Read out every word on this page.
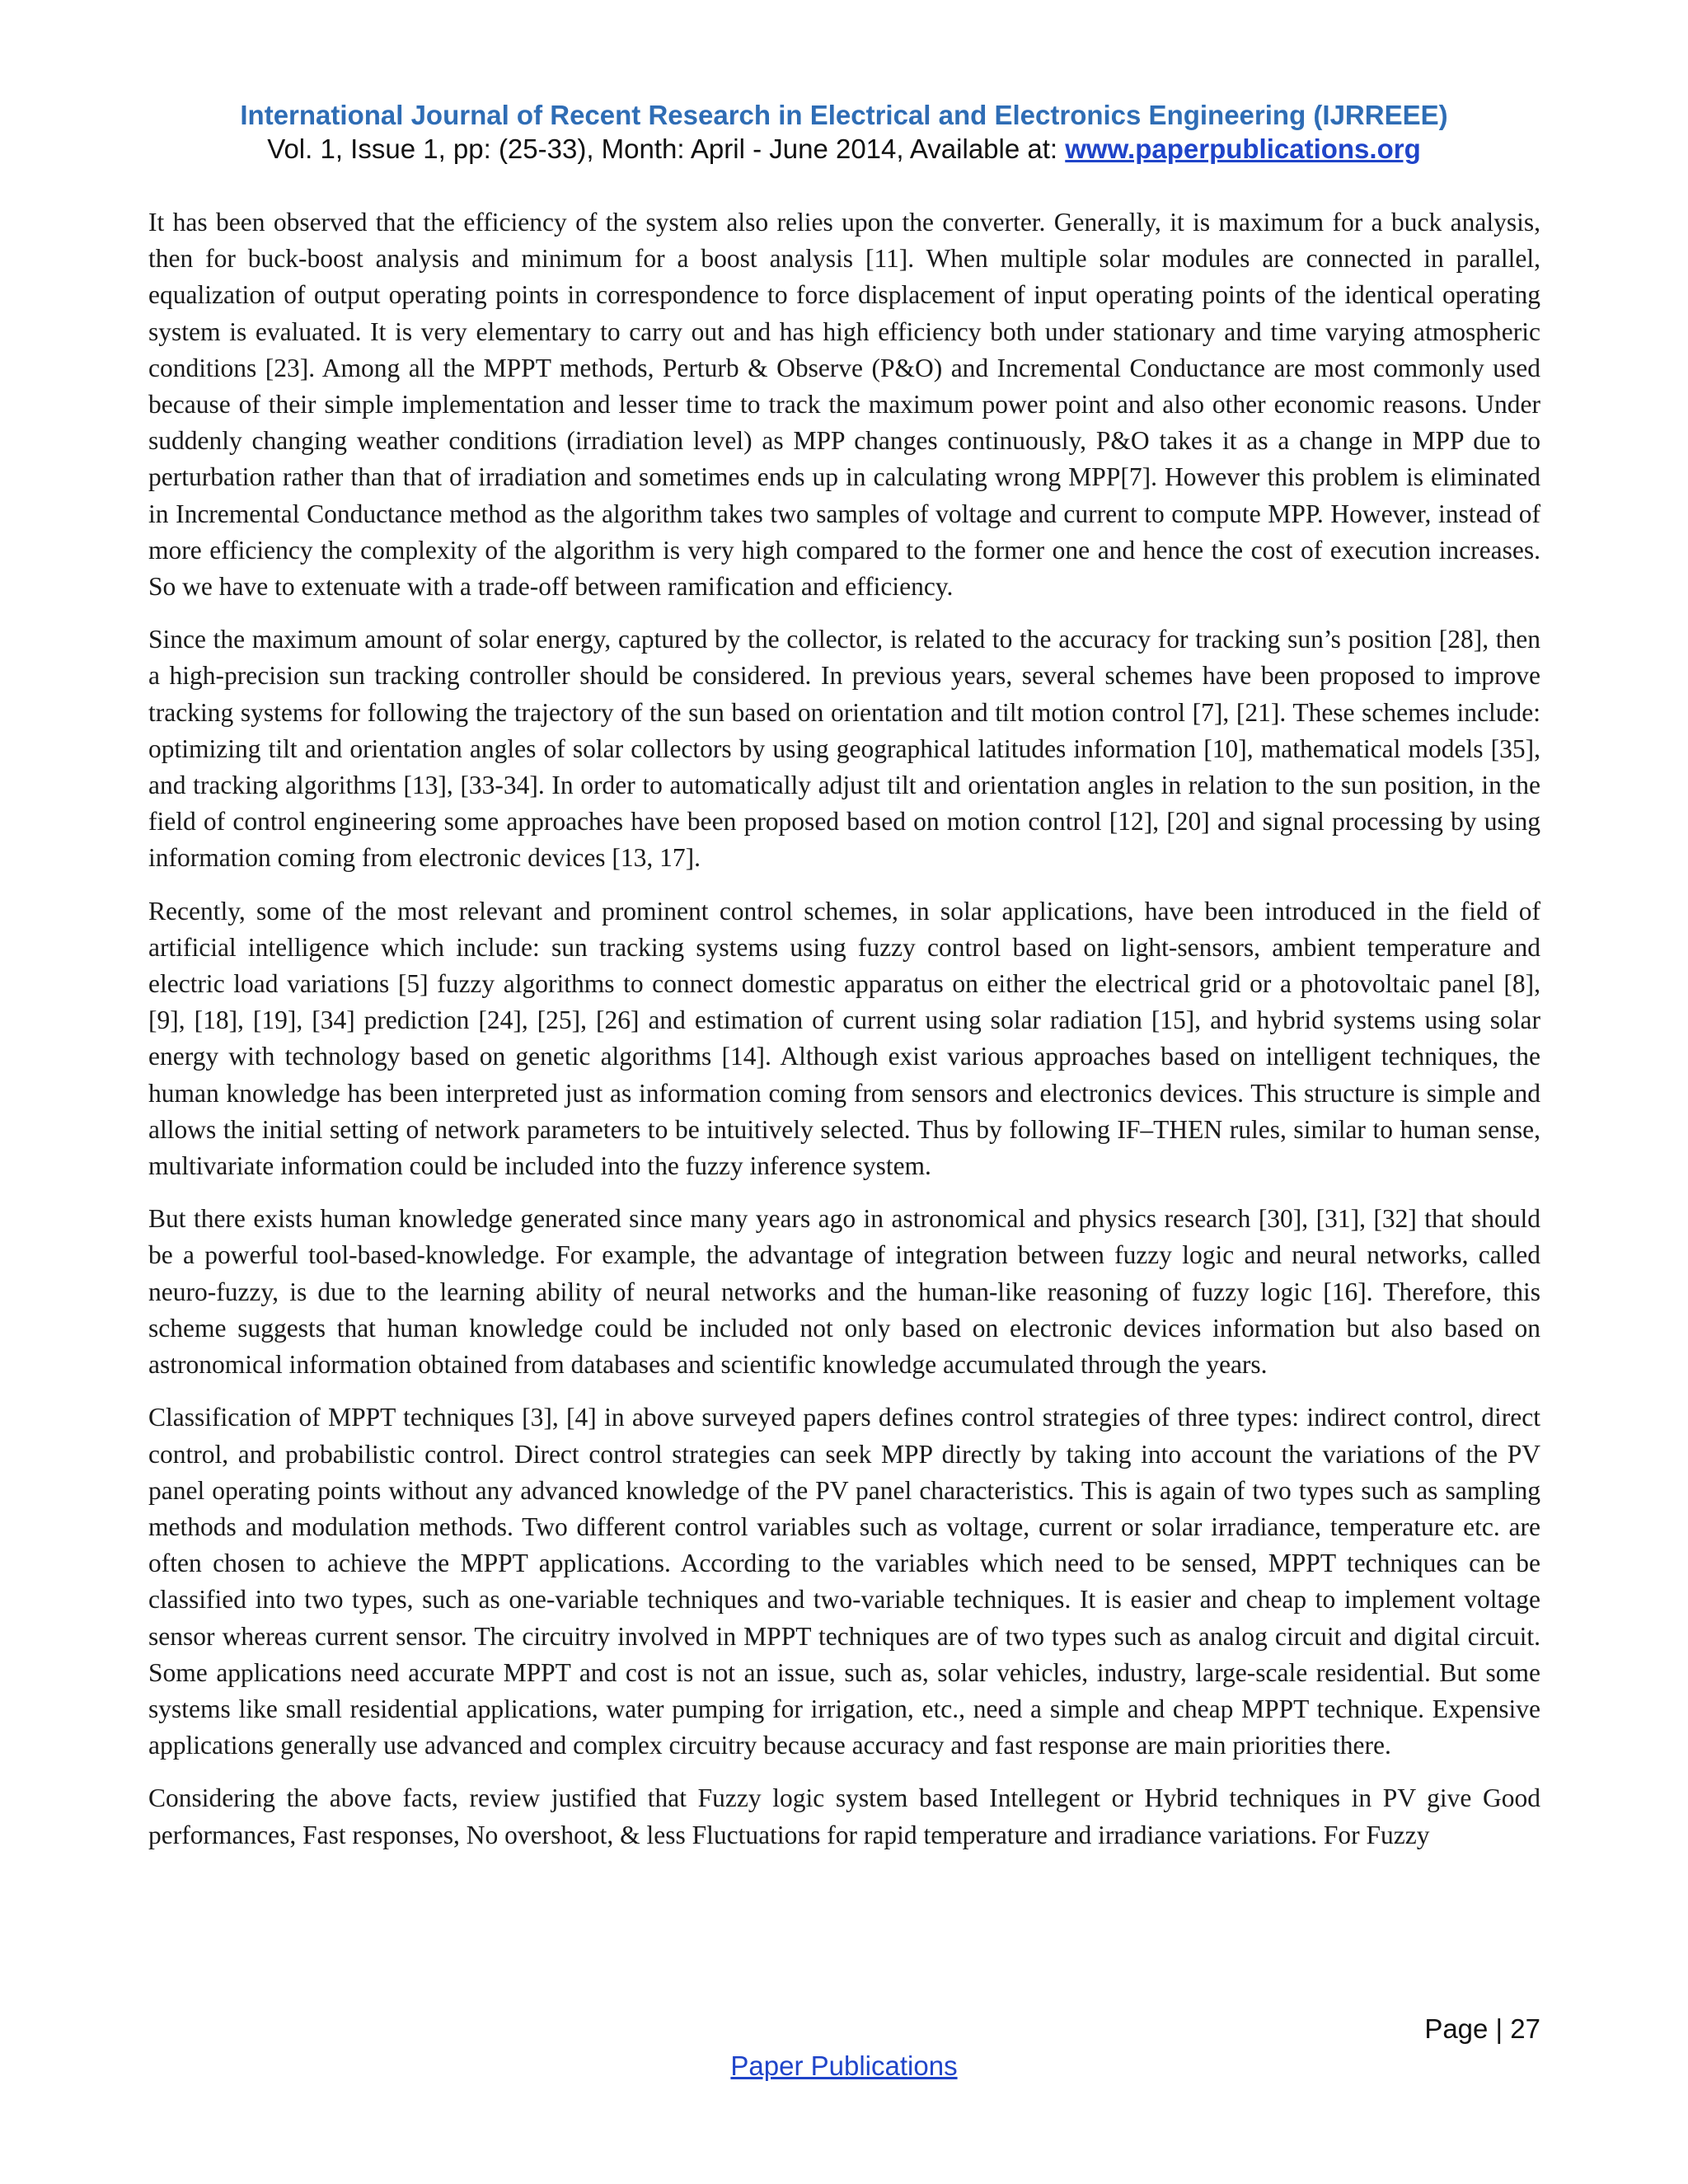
International Journal of Recent Research in Electrical and Electronics Engineering (IJRREEE)
Vol. 1, Issue 1, pp: (25-33), Month: April - June 2014, Available at: www.paperpublications.org

It has been observed that the efficiency of the system also relies upon the converter. Generally, it is maximum for a buck analysis, then for buck-boost analysis and minimum for a boost analysis [11]. When multiple solar modules are connected in parallel, equalization of output operating points in correspondence to force displacement of input operating points of the identical operating system is evaluated. It is very elementary to carry out and has high efficiency both under stationary and time varying atmospheric conditions [23]. Among all the MPPT methods, Perturb & Observe (P&O) and Incremental Conductance are most commonly used because of their simple implementation and lesser time to track the maximum power point and also other economic reasons. Under suddenly changing weather conditions (irradiation level) as MPP changes continuously, P&O takes it as a change in MPP due to perturbation rather than that of irradiation and sometimes ends up in calculating wrong MPP[7]. However this problem is eliminated in Incremental Conductance method as the algorithm takes two samples of voltage and current to compute MPP. However, instead of more efficiency the complexity of the algorithm is very high compared to the former one and hence the cost of execution increases. So we have to extenuate with a trade-off between ramification and efficiency.

Since the maximum amount of solar energy, captured by the collector, is related to the accuracy for tracking sun’s position [28], then a high-precision sun tracking controller should be considered. In previous years, several schemes have been proposed to improve tracking systems for following the trajectory of the sun based on orientation and tilt motion control [7], [21]. These schemes include: optimizing tilt and orientation angles of solar collectors by using geographical latitudes information [10], mathematical models [35], and tracking algorithms [13], [33-34]. In order to automatically adjust tilt and orientation angles in relation to the sun position, in the field of control engineering some approaches have been proposed based on motion control [12], [20] and signal processing by using information coming from electronic devices [13, 17].

Recently, some of the most relevant and prominent control schemes, in solar applications, have been introduced in the field of artificial intelligence which include: sun tracking systems using fuzzy control based on light-sensors, ambient temperature and electric load variations [5] fuzzy algorithms to connect domestic apparatus on either the electrical grid or a photovoltaic panel [8], [9], [18], [19], [34] prediction [24], [25], [26] and estimation of current using solar radiation [15], and hybrid systems using solar energy with technology based on genetic algorithms [14]. Although exist various approaches based on intelligent techniques, the human knowledge has been interpreted just as information coming from sensors and electronics devices. This structure is simple and allows the initial setting of network parameters to be intuitively selected. Thus by following IF–THEN rules, similar to human sense, multivariate information could be included into the fuzzy inference system.

But there exists human knowledge generated since many years ago in astronomical and physics research [30], [31], [32] that should be a powerful tool-based-knowledge. For example, the advantage of integration between fuzzy logic and neural networks, called neuro-fuzzy, is due to the learning ability of neural networks and the human-like reasoning of fuzzy logic [16]. Therefore, this scheme suggests that human knowledge could be included not only based on electronic devices information but also based on astronomical information obtained from databases and scientific knowledge accumulated through the years.

Classification of MPPT techniques [3], [4] in above surveyed papers defines control strategies of three types: indirect control, direct control, and probabilistic control. Direct control strategies can seek MPP directly by taking into account the variations of the PV panel operating points without any advanced knowledge of the PV panel characteristics. This is again of two types such as sampling methods and modulation methods. Two different control variables such as voltage, current or solar irradiance, temperature etc. are often chosen to achieve the MPPT applications. According to the variables which need to be sensed, MPPT techniques can be classified into two types, such as one-variable techniques and two-variable techniques. It is easier and cheap to implement voltage sensor whereas current sensor. The circuitry involved in MPPT techniques are of two types such as analog circuit and digital circuit. Some applications need accurate MPPT and cost is not an issue, such as, solar vehicles, industry, large-scale residential. But some systems like small residential applications, water pumping for irrigation, etc., need a simple and cheap MPPT technique. Expensive applications generally use advanced and complex circuitry because accuracy and fast response are main priorities there.

Considering the above facts, review justified that Fuzzy logic system based Intellegent or Hybrid techniques in PV give Good performances, Fast responses, No overshoot, & less Fluctuations for rapid temperature and irradiance variations. For Fuzzy

Page | 27
Paper Publications
